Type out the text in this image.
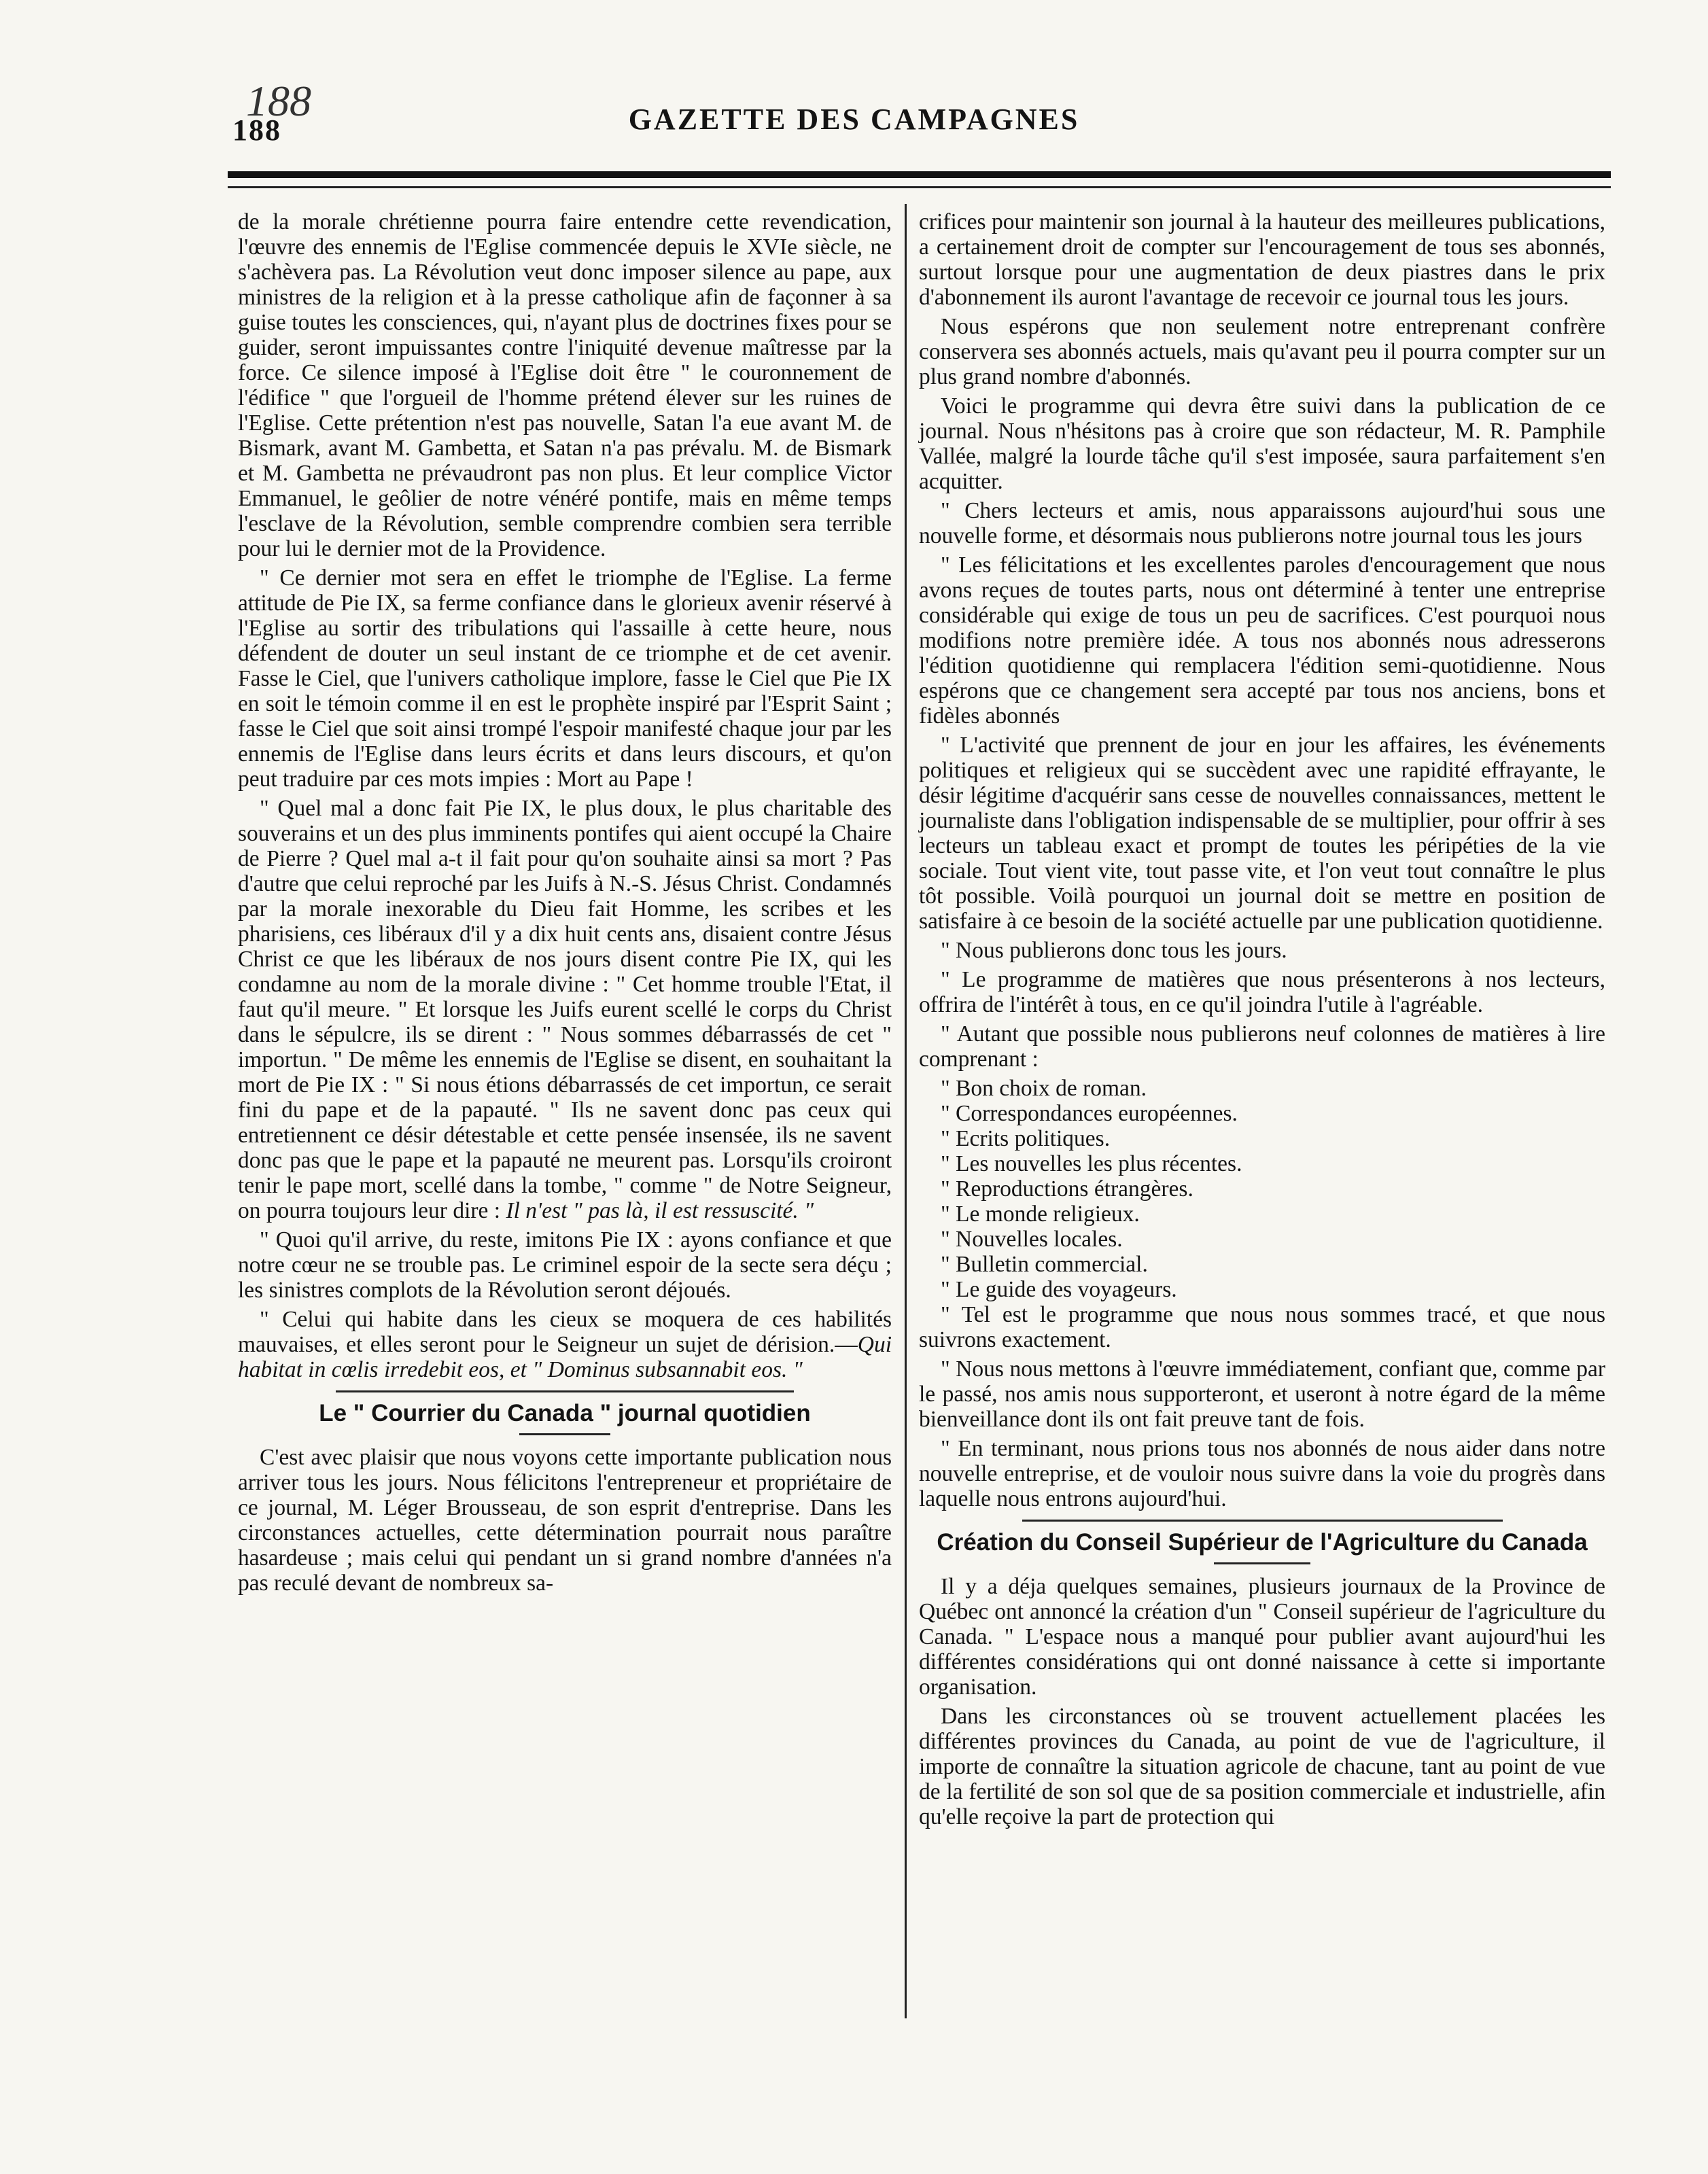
188
188	GAZETTE DES CAMPAGNES

de la morale chrétienne pourra faire entendre cette revendication, l'œuvre des ennemis de l'Eglise commencée depuis le XVIe siècle, ne s'achèvera pas. La Révolution veut donc imposer silence au pape, aux ministres de la religion et à la presse catholique afin de façonner à sa guise toutes les consciences, qui, n'ayant plus de doctrines fixes pour se guider, seront impuissantes contre l'iniquité devenue maîtresse par la force. Ce silence imposé à l'Eglise doit être " le couronnement de l'édifice " que l'orgueil de l'homme prétend élever sur les ruines de l'Eglise. Cette prétention n'est pas nouvelle, Satan l'a eue avant M. de Bismark, avant M. Gambetta, et Satan n'a pas prévalu. M. de Bismark et M. Gambetta ne prévaudront pas non plus. Et leur complice Victor Emmanuel, le geôlier de notre vénéré pontife, mais en même temps l'esclave de la Révolution, semble comprendre combien sera terrible pour lui le dernier mot de la Providence.

" Ce dernier mot sera en effet le triomphe de l'Eglise. La ferme attitude de Pie IX, sa ferme confiance dans le glorieux avenir réservé à l'Eglise au sortir des tribulations qui l'assaille à cette heure, nous défendent de douter un seul instant de ce triomphe et de cet avenir. Fasse le Ciel, que l'univers catholique implore, fasse le Ciel que Pie IX en soit le témoin comme il en est le prophète inspiré par l'Esprit Saint ; fasse le Ciel que soit ainsi trompé l'espoir manifesté chaque jour par les ennemis de l'Eglise dans leurs écrits et dans leurs discours, et qu'on peut traduire par ces mots impies : Mort au Pape !

" Quel mal a donc fait Pie IX, le plus doux, le plus charitable des souverains et un des plus imminents pontifes qui aient occupé la Chaire de Pierre ? Quel mal a-t il fait pour qu'on souhaite ainsi sa mort ? Pas d'autre que celui reproché par les Juifs à N.-S. Jésus Christ. Condamnés par la morale inexorable du Dieu fait Homme, les scribes et les pharisiens, ces libéraux d'il y a dix huit cents ans, disaient contre Jésus Christ ce que les libéraux de nos jours disent contre Pie IX, qui les condamne au nom de la morale divine : " Cet homme trouble l'Etat, il faut qu'il meure. " Et lorsque les Juifs eurent scellé le corps du Christ dans le sépulcre, ils se dirent : " Nous sommes débarrassés de cet " importun. " De même les ennemis de l'Eglise se disent, en souhaitant la mort de Pie IX : " Si nous étions débarrassés de cet importun, ce serait fini du pape et de la papauté. " Ils ne savent donc pas ceux qui entretiennent ce désir détestable et cette pensée insensée, ils ne savent donc pas que le pape et la papauté ne meurent pas. Lorsqu'ils croiront tenir le pape mort, scellé dans la tombe, " comme " de Notre Seigneur, on pourra toujours leur dire : Il n'est " pas là, il est ressuscité. "

" Quoi qu'il arrive, du reste, imitons Pie IX : ayons confiance et que notre cœur ne se trouble pas. Le criminel espoir de la secte sera déçu ; les sinistres complots de la Révolution seront déjoués.

" Celui qui habite dans les cieux se moquera de ces habilités mauvaises, et elles seront pour le Seigneur un sujet de dérision.—Qui habitat in cœlis irredebit eos, et " Dominus subsannabit eos. "

Le " Courrier du Canada " journal quotidien

C'est avec plaisir que nous voyons cette importante publication nous arriver tous les jours. Nous félicitons l'entrepreneur et propriétaire de ce journal, M. Léger Brousseau, de son esprit d'entreprise. Dans les circonstances actuelles, cette détermination pourrait nous paraître hasardeuse ; mais celui qui pendant un si grand nombre d'années n'a pas reculé devant de nombreux sa-

crifices pour maintenir son journal à la hauteur des meilleures publications, a certainement droit de compter sur l'encouragement de tous ses abonnés, surtout lorsque pour une augmentation de deux piastres dans le prix d'abonnement ils auront l'avantage de recevoir ce journal tous les jours.

Nous espérons que non seulement notre entreprenant confrère conservera ses abonnés actuels, mais qu'avant peu il pourra compter sur un plus grand nombre d'abonnés.

Voici le programme qui devra être suivi dans la publication de ce journal. Nous n'hésitons pas à croire que son rédacteur, M. R. Pamphile Vallée, malgré la lourde tâche qu'il s'est imposée, saura parfaitement s'en acquitter.

" Chers lecteurs et amis, nous apparaissons aujourd'hui sous une nouvelle forme, et désormais nous publierons notre journal tous les jours

" Les félicitations et les excellentes paroles d'encouragement que nous avons reçues de toutes parts, nous ont déterminé à tenter une entreprise considérable qui exige de tous un peu de sacrifices. C'est pourquoi nous modifions notre première idée. A tous nos abonnés nous adresserons l'édition quotidienne qui remplacera l'édition semi-quotidienne. Nous espérons que ce changement sera accepté par tous nos anciens, bons et fidèles abonnés

" L'activité que prennent de jour en jour les affaires, les événements politiques et religieux qui se succèdent avec une rapidité effrayante, le désir légitime d'acquérir sans cesse de nouvelles connaissances, mettent le journaliste dans l'obligation indispensable de se multiplier, pour offrir à ses lecteurs un tableau exact et prompt de toutes les péripéties de la vie sociale. Tout vient vite, tout passe vite, et l'on veut tout connaître le plus tôt possible. Voilà pourquoi un journal doit se mettre en position de satisfaire à ce besoin de la société actuelle par une publication quotidienne.

" Nous publierons donc tous les jours.

" Le programme de matières que nous présenterons à nos lecteurs, offrira de l'intérêt à tous, en ce qu'il joindra l'utile à l'agréable.

" Autant que possible nous publierons neuf colonnes de matières à lire comprenant :

" Bon choix de roman.
" Correspondances européennes.
" Ecrits politiques.
" Les nouvelles les plus récentes.
" Reproductions étrangères.
" Le monde religieux.
" Nouvelles locales.
" Bulletin commercial.
" Le guide des voyageurs.

" Tel est le programme que nous nous sommes tracé, et que nous suivrons exactement.

" Nous nous mettons à l'œuvre immédiatement, confiant que, comme par le passé, nos amis nous supporteront, et useront à notre égard de la même bienveillance dont ils ont fait preuve tant de fois.

" En terminant, nous prions tous nos abonnés de nous aider dans notre nouvelle entreprise, et de vouloir nous suivre dans la voie du progrès dans laquelle nous entrons aujourd'hui.

Création du Conseil Supérieur de l'Agriculture du Canada

Il y a déja quelques semaines, plusieurs journaux de la Province de Québec ont annoncé la création d'un " Conseil supérieur de l'agriculture du Canada. " L'espace nous a manqué pour publier avant aujourd'hui les différentes considérations qui ont donné naissance à cette si importante organisation.

Dans les circonstances où se trouvent actuellement placées les différentes provinces du Canada, au point de vue de l'agriculture, il importe de connaître la situation agricole de chacune, tant au point de vue de la fertilité de son sol que de sa position commerciale et industrielle, afin qu'elle reçoive la part de protection qui
